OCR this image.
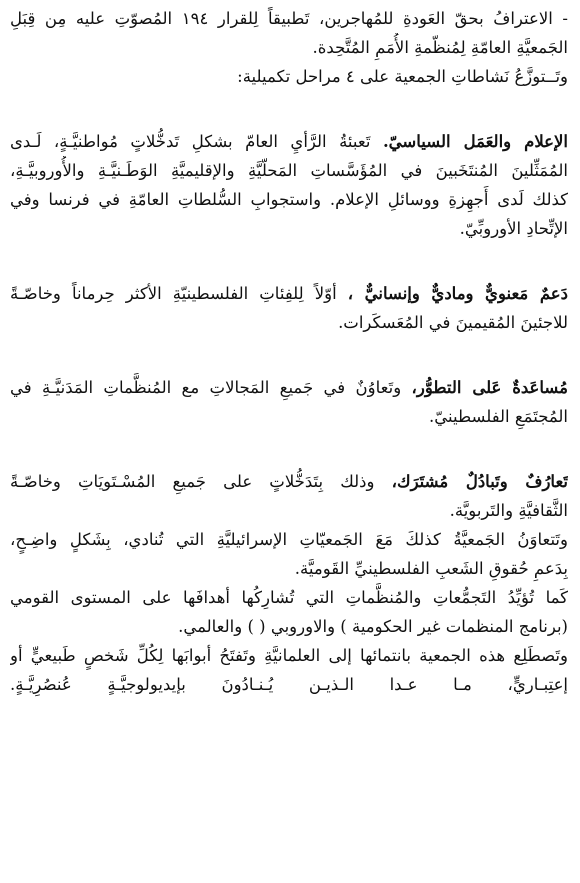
- الاعترافُ بحقّ العَودةِ للمُهاجرين، تَطبيقاً لِلقرار ١٩٤ المُصوّتِ عليه مِن قِبَلِ
الجَمعيَّةِ العامّةِ لِمُنظّمةِ الأُمَمِ المُتَّحِدة.
وتَــتوزَّعُ نَشاطاتِ الجمعية على ٤ مراحل تكميلية:
الإعلام والعَمَل السياسيّ. تَعبئةُ الرَّأيِ العامّ بشكلِ تَدخُّلاتٍ مُواطنيَّـةٍ، لَـدى
المُمَثِّلينَ المُنتَخَبينَ في المُؤَسَّساتِ المَحلّيَّةِ والإقليميَّةِ الوَطَـنيَّـةِ والأُوروبيَّـةِ،
كذلك لَدى أَجهِزةِ ووسائلِ الإعلام. واستجوابِ السُّلطاتِ العامّةِ في فرنسا وفي
الإتِّحادِ الأوروبِّيّ.
دَعمٌ مَعنويٌّ وماديٌّ وإنسانيٌّ ، أوّلاً لِلفِئاتِ الفلسطينيّةِ الأكثر حِرماناً وخاصّـةً
للاجئينَ المُقيمينَ في المُعَسكَرات.
مُساعَدةٌ عَلى التطوُّر، وتَعاوُنٌ في جَميعِ المَجالاتِ مع المُنظَّماتِ المَدَنيَّـةِ في
المُجتَمَعِ الفلسطينيّ.
تَعارُفٌ وتَبادُلٌ مُشتَرَك، وذلك بِتَدَخُّلاتٍ على جَميعِ المُسْـتَويَاتِ وخاصّـةً
الثَّقافيَّةِ والتَربويَّة.
وتَتعاوَنُ الجَمعيَّةُ كذلكَ مَعَ الجَمعيّاتِ الإسرائيليَّةِ التي تُنادي، بِشَكلٍ واضِـحٍ،
بِدَعمِ حُقوقِ الشَعبِ الفلسطينيِّ القَوميَّة.
كَما تُؤيِّدُ التَجمُّعاتِ والمُنظَّماتِ التي تُشارِكُها أهدافَها على المستوى القومي
(برنامج المنظمات غير الحكومية ) والاوروبي ( ) والعالمي.
وتَصطَلِع هذه الجمعية بانتمائها إلى العلمانيَّةِ وتَفتَحُ أبوابَها لِكُلِّ شَخصٍ طَبيعيٍّ أو
إعتِبـاريٍّ، مـا عـدا الـذيـن يُـنـادُونَ بإيديولوجيَّـةٍ عُنصُرِيَّـةٍ.
